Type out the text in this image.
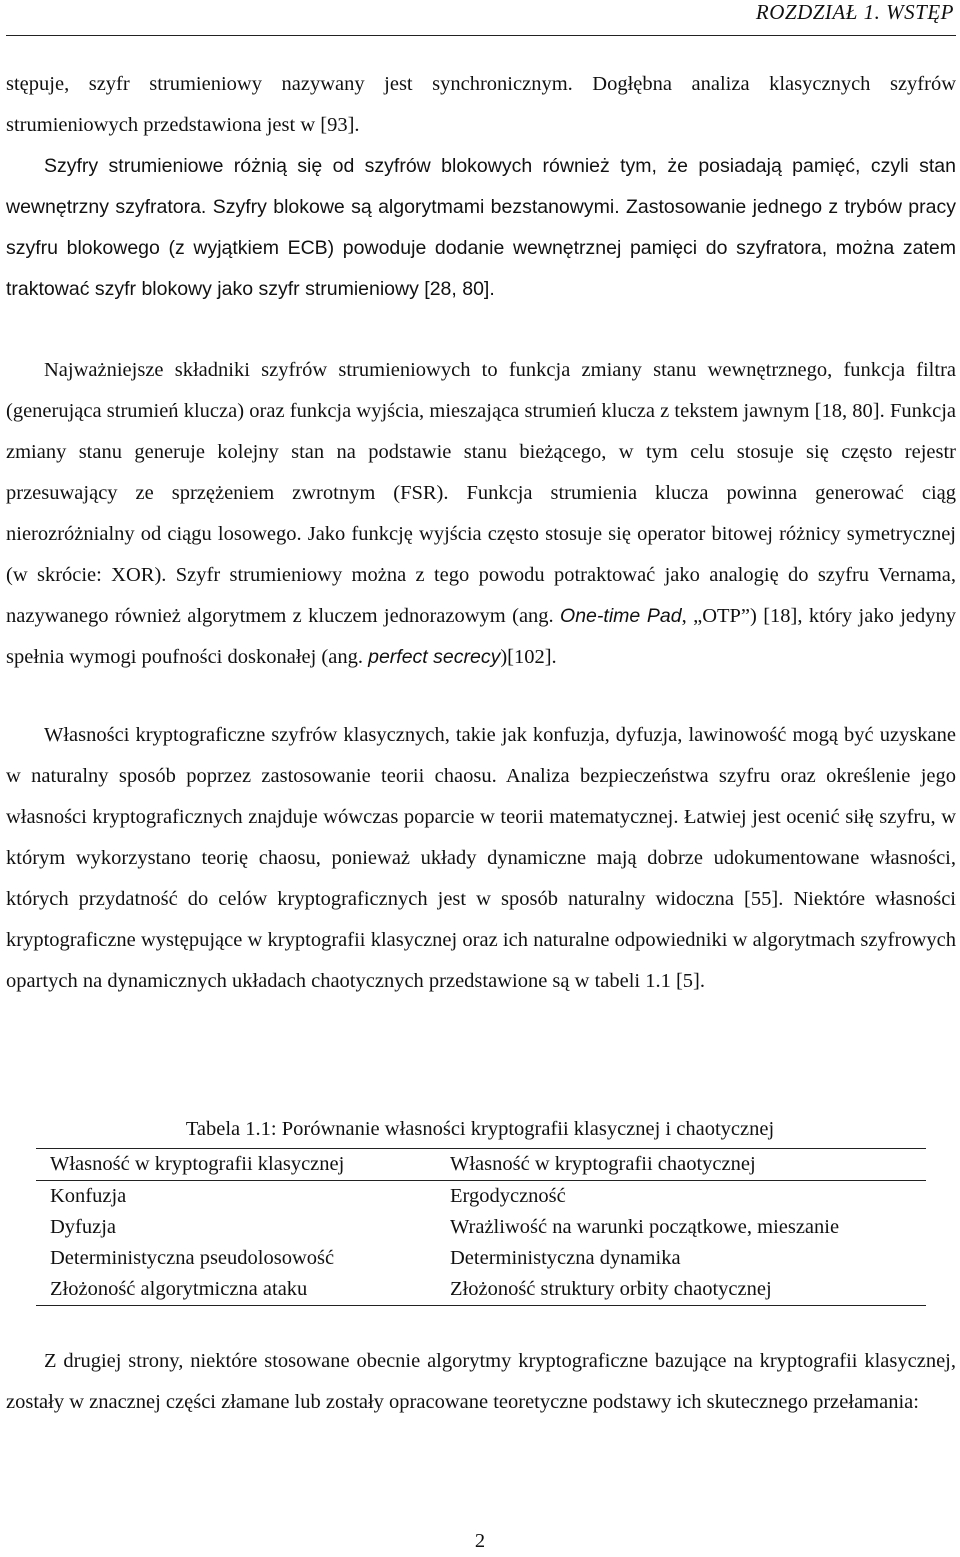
ROZDZIAŁ 1. WSTĘP

stępuje, szyfr strumieniowy nazywany jest synchronicznym. Dogłębna analiza klasycznych szyfrów strumieniowych przedstawiona jest w [93].

Szyfry strumieniowe różnią się od szyfrów blokowych również tym, że posiadają pamięć, czyli stan wewnętrzny szyfratora. Szyfry blokowe są algorytmami bezstanowymi. Zastosowanie jednego z trybów pracy szyfru blokowego (z wyjątkiem ECB) powoduje dodanie wewnętrznej pamięci do szyfratora, można zatem traktować szyfr blokowy jako szyfr strumieniowy [28, 80].

Najważniejsze składniki szyfrów strumieniowych to funkcja zmiany stanu wewnętrznego, funkcja filtra (generująca strumień klucza) oraz funkcja wyjścia, mieszająca strumień klucza z tekstem jawnym [18, 80]. Funkcja zmiany stanu generuje kolejny stan na podstawie stanu bieżącego, w tym celu stosuje się często rejestr przesuwający ze sprzężeniem zwrotnym (FSR). Funkcja strumienia klucza powinna generować ciąg nierozróżnialny od ciągu losowego. Jako funkcję wyjścia często stosuje się operator bitowej różnicy symetrycznej (w skrócie: XOR). Szyfr strumieniowy można z tego powodu potraktować jako analogię do szyfru Vernama, nazywanego również algorytmem z kluczem jednorazowym (ang. One-time Pad, „OTP”) [18], który jako jedyny spełnia wymogi poufności doskonałej (ang. perfect secrecy)[102].

Własności kryptograficzne szyfrów klasycznych, takie jak konfuzja, dyfuzja, lawinowość mogą być uzyskane w naturalny sposób poprzez zastosowanie teorii chaosu. Analiza bezpieczeństwa szyfru oraz określenie jego własności kryptograficznych znajduje wówczas poparcie w teorii matematycznej. Łatwiej jest ocenić siłę szyfru, w którym wykorzystano teorię chaosu, ponieważ układy dynamiczne mają dobrze udokumentowane własności, których przydatność do celów kryptograficznych jest w sposób naturalny widoczna [55]. Niektóre własności kryptograficzne występujące w kryptografii klasycznej oraz ich naturalne odpowiedniki w algorytmach szyfrowych opartych na dynamicznych układach chaotycznych przedstawione są w tabeli 1.1 [5].

Tabela 1.1: Porównanie własności kryptografii klasycznej i chaotycznej
Własność w kryptografii klasycznej	Własność w kryptografii chaotycznej
Konfuzja	Ergodyczność
Dyfuzja	Wrażliwość na warunki początkowe, mieszanie
Deterministyczna pseudolosowość	Deterministyczna dynamika
Złożoność algorytmiczna ataku	Złożoność struktury orbity chaotycznej

Z drugiej strony, niektóre stosowane obecnie algorytmy kryptograficzne bazujące na kryptografii klasycznej, zostały w znacznej części złamane lub zostały opracowane teoretyczne podstawy ich skutecznego przełamania:

2
